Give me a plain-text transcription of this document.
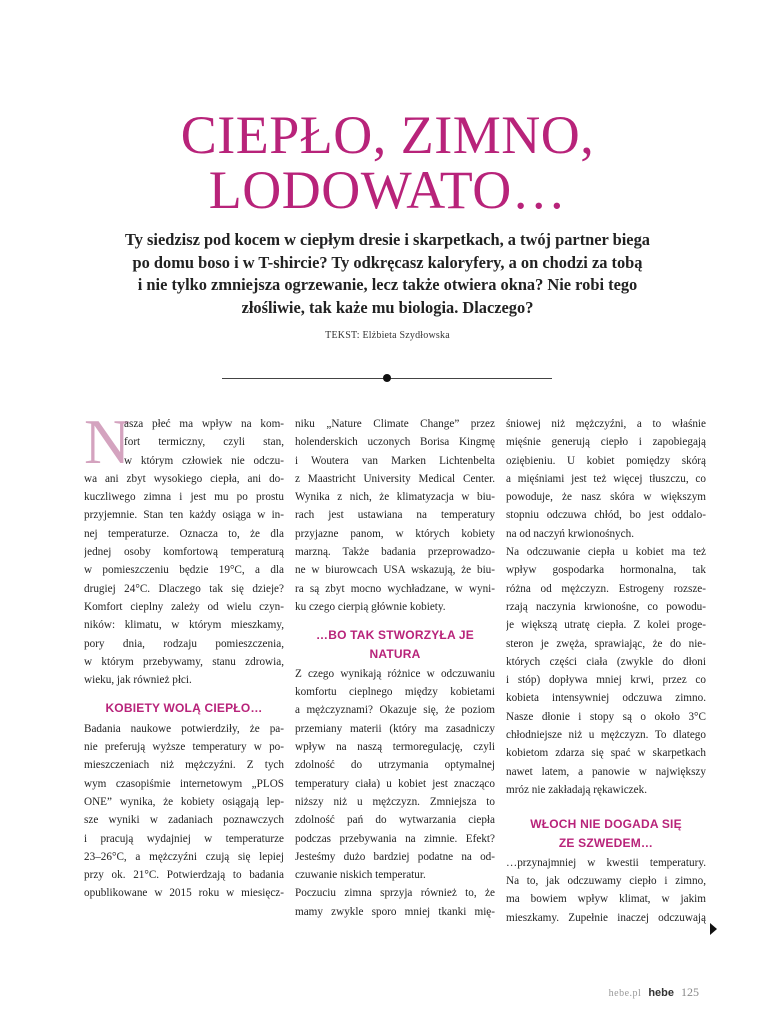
CIEPŁO, ZIMNO,
LODOWATO…

Ty siedzisz pod kocem w ciepłym dresie i skarpetkach, a twój partner biega
po domu boso i w T-shircie? Ty odkręcasz kaloryfery, a on chodzi za tobą
i nie tylko zmniejsza ogrzewanie, lecz także otwiera okna? Nie robi tego
złośliwie, tak każe mu biologia. Dlaczego?

TEKST: Elżbieta Szydłowska
N

asza płeć ma wpływ na kom-
fort termiczny, czyli stan,
w którym człowiek nie odczu-
wa ani zbyt wysokiego ciepła, ani do-
kuczliwego zimna i jest mu po prostu
przyjemnie. Stan ten każdy osiąga w in-
nej temperaturze. Oznacza to, że dla
jednej osoby komfortową temperaturą
w pomieszczeniu będzie 19°C, a dla
drugiej 24°C. Dlaczego tak się dzieje?
Komfort cieplny zależy od wielu czyn-
ników: klimatu, w którym mieszkamy,
pory dnia, rodzaju pomieszczenia,
w którym przebywamy, stanu zdrowia,
wieku, jak również płci.

KOBIETY WOLĄ CIEPŁO…

Badania naukowe potwierdziły, że pa-
nie preferują wyższe temperatury w po-
mieszczeniach niż mężczyźni. Z tych
wym czasopiśmie internetowym „PLOS
ONE” wynika, że kobiety osiągają lep-
sze wyniki w zadaniach poznawczych
i pracują wydajniej w temperaturze
23–26°C, a mężczyźni czują się lepiej
przy ok. 21°C. Potwierdzają to badania
opublikowane w 2015 roku w miesięcz-

niku „Nature Climate Change” przez
holenderskich uczonych Borisa Kingmę
i Woutera van Marken Lichtenbelta
z Maastricht University Medical Center.
Wynika z nich, że klimatyzacja w biu-
rach jest ustawiana na temperatury
przyjazne panom, w których kobiety
marzną. Także badania przeprowadzo-
ne w biurowcach USA wskazują, że biu-
ra są zbyt mocno wychładzane, w wyni-
ku czego cierpią głównie kobiety.

…BO TAK STWORZYŁA JE
NATURA

Z czego wynikają różnice w odczuwaniu
komfortu cieplnego między kobietami
a mężczyznami? Okazuje się, że poziom
przemiany materii (który ma zasadniczy
wpływ na naszą termoregulację, czyli
zdolność do utrzymania optymalnej
temperatury ciała) u kobiet jest znacząco
niższy niż u mężczyzn. Zmniejsza to
zdolność pań do wytwarzania ciepła
podczas przebywania na zimnie. Efekt?
Jesteśmy dużo bardziej podatne na od-
czuwanie niskich temperatur.

Poczuciu zimna sprzyja również to, że
mamy zwykle sporo mniej tkanki mię-

śniowej niż mężczyźni, a to właśnie
mięśnie generują ciepło i zapobiegają
oziębieniu. U kobiet pomiędzy skórą
a mięśniami jest też więcej tłuszczu, co
powoduje, że nasz skóra w większym
stopniu odczuwa chłód, bo jest oddalo-
na od naczyń krwionośnych.

Na odczuwanie ciepła u kobiet ma też
wpływ gospodarka hormonalna, tak
różna od mężczyzn. Estrogeny rozsze-
rzają naczynia krwionośne, co powodu-
je większą utratę ciepła. Z kolei proge-
steron je zwęża, sprawiając, że do nie-
których części ciała (zwykle do dłoni
i stóp) dopływa mniej krwi, przez co
kobieta intensywniej odczuwa zimno.
Nasze dłonie i stopy są o około 3°C
chłodniejsze niż u mężczyzn. To dlatego
kobietom zdarza się spać w skarpetkach
nawet latem, a panowie w największy
mróz nie zakładają rękawiczek.

WŁOCH NIE DOGADA SIĘ
ZE SZWEDEM…

…przynajmniej w kwestii temperatury.
Na to, jak odczuwamy ciepło i zimno,
ma bowiem wpływ klimat, w jakim
mieszkamy. Zupełnie inaczej odczuwają

hebe.pl hebe 125
